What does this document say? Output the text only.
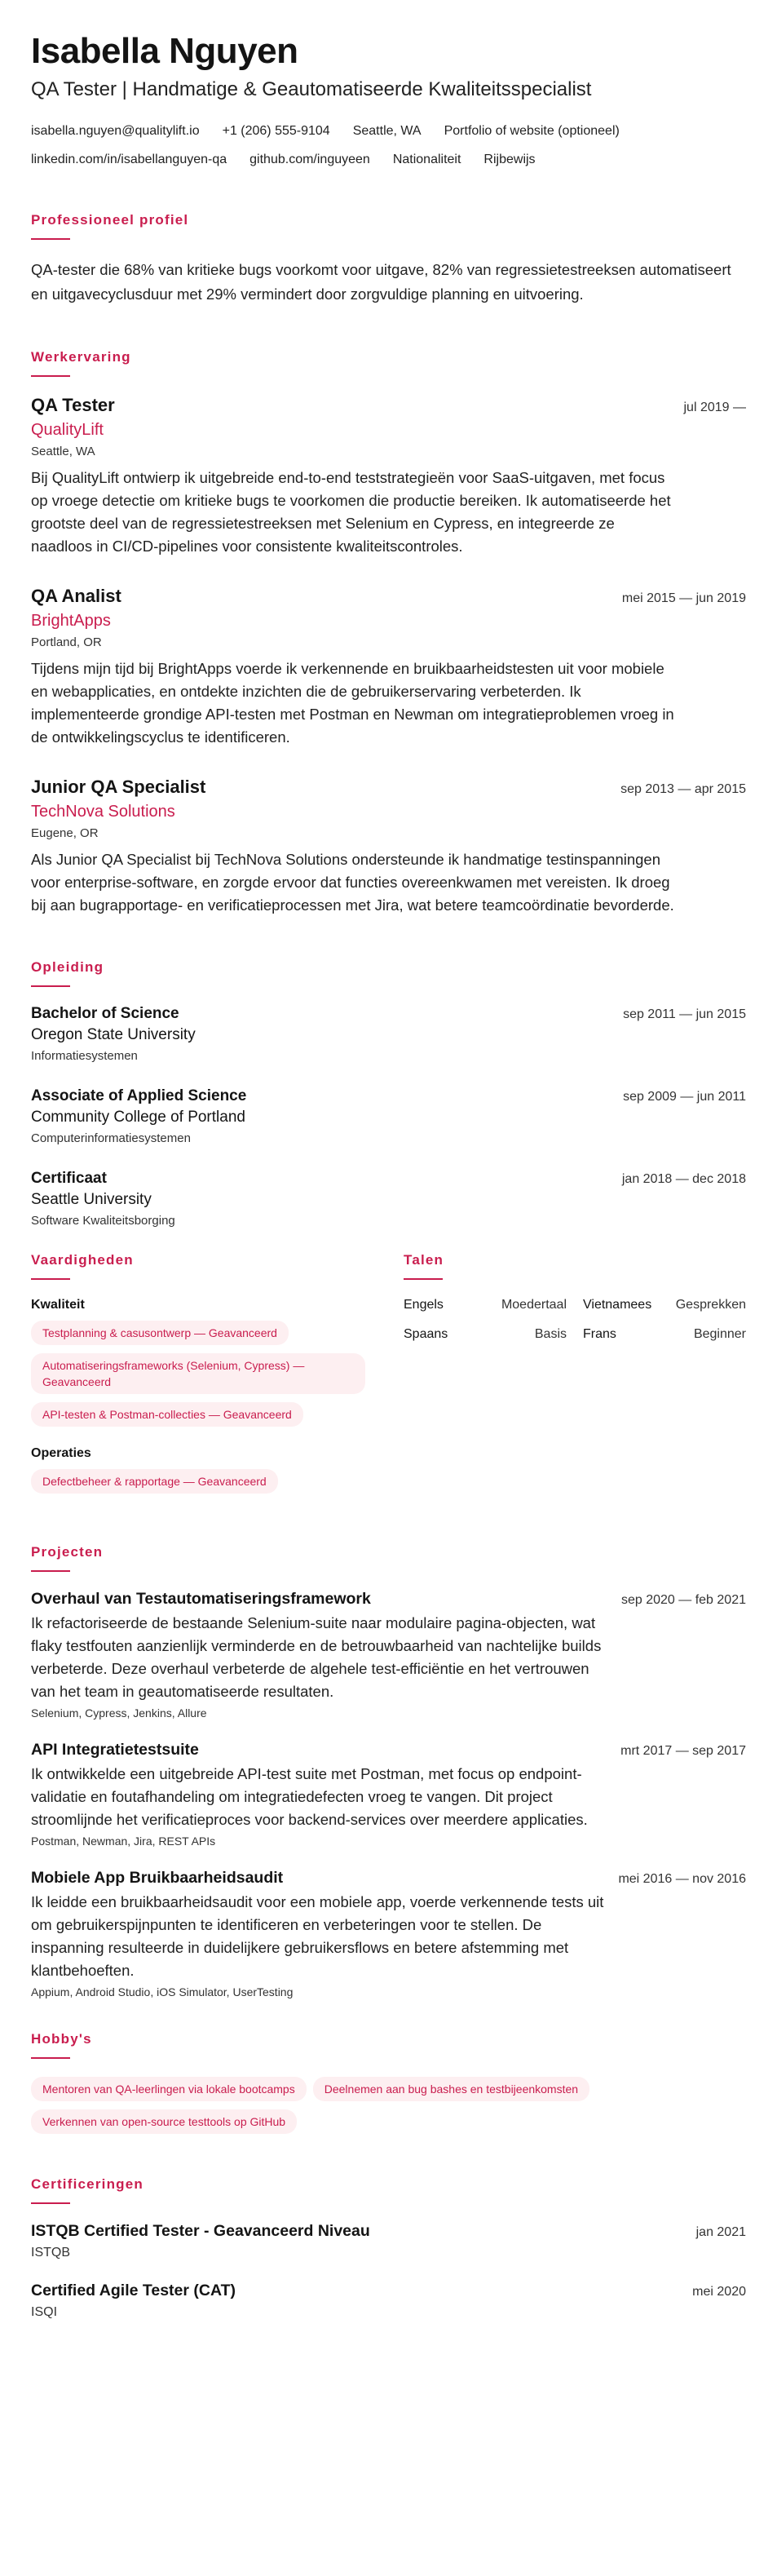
Isabella Nguyen
QA Tester | Handmatige & Geautomatiseerde Kwaliteitsspecialist
isabella.nguyen@qualitylift.io +1 (206) 555-9104 Seattle, WA Portfolio of website (optioneel)
linkedin.com/in/isabellanguyen-qa github.com/inguyeen Nationaliteit Rijbewijs
Professioneel profiel

QA-tester die 68% van kritieke bugs voorkomt voor uitgave, 82% van regressietestreeksen automatiseert en uitgavecyclusduur met 29% vermindert door zorgvuldige planning en uitvoering.

Werkervaring
QA Tester	jul 2019 —
QualityLift
Seattle, WA
Bij QualityLift ontwierp ik uitgebreide end-to-end teststrategieën voor SaaS-uitgaven, met focus op vroege detectie om kritieke bugs te voorkomen die productie bereiken. Ik automatiseerde het grootste deel van de regressietestreeksen met Selenium en Cypress, en integreerde ze naadloos in CI/CD-pipelines voor consistente kwaliteitscontroles.
QA Analist	mei 2015 — jun 2019
BrightApps
Portland, OR
Tijdens mijn tijd bij BrightApps voerde ik verkennende en bruikbaarheidstesten uit voor mobiele en webapplicaties, en ontdekte inzichten die de gebruikerservaring verbeterden. Ik implementeerde grondige API-testen met Postman en Newman om integratieproblemen vroeg in de ontwikkelingscyclus te identificeren.
Junior QA Specialist	sep 2013 — apr 2015
TechNova Solutions
Eugene, OR
Als Junior QA Specialist bij TechNova Solutions ondersteunde ik handmatige testinspanningen voor enterprise-software, en zorgde ervoor dat functies overeenkwamen met vereisten. Ik droeg bij aan bugrapportage- en verificatieprocessen met Jira, wat betere teamcoördinatie bevorderde.
Opleiding
Bachelor of Science	sep 2011 — jun 2015
Oregon State University
Informatiesystemen
Associate of Applied Science	sep 2009 — jun 2011
Community College of Portland
Computerinformatiesystemen
Certificaat	jan 2018 — dec 2018
Seattle University
Software Kwaliteitsborging
Vaardigheden
Kwaliteit
Testplanning & casusontwerp — Geavanceerd
Automatiseringsframeworks (Selenium, Cypress) — Geavanceerd
API-testen & Postman-collecties — Geavanceerd
Operaties
Defectbeheer & rapportage — Geavanceerd
Talen
Engels	Moedertaal Vietnamees Gesprekken
Spaans	Basis Frans	Beginner
Projecten
Overhaul van Testautomatiseringsframework	sep 2020 — feb 2021
Ik refactoriseerde de bestaande Selenium-suite naar modulaire pagina-objecten, wat flaky testfouten aanzienlijk verminderde en de betrouwbaarheid van nachtelijke builds verbeterde. Deze overhaul verbeterde de algehele test-efficiëntie en het vertrouwen van het team in geautomatiseerde resultaten.
Selenium, Cypress, Jenkins, Allure
API Integratietestsuite	mrt 2017 — sep 2017
Ik ontwikkelde een uitgebreide API-test suite met Postman, met focus op endpoint-validatie en foutafhandeling om integratiedefecten vroeg te vangen. Dit project stroomlijnde het verificatieproces voor backend-services over meerdere applicaties.
Postman, Newman, Jira, REST APIs
Mobiele App Bruikbaarheidsaudit	mei 2016 — nov 2016
Ik leidde een bruikbaarheidsaudit voor een mobiele app, voerde verkennende tests uit om gebruikerspijnpunten te identificeren en verbeteringen voor te stellen. De inspanning resulteerde in duidelijkere gebruikersflows en betere afstemming met klantbehoeften.
Appium, Android Studio, iOS Simulator, UserTesting
Hobby's
Mentoren van QA-leerlingen via lokale bootcamps	Deelnemen aan bug bashes en testbijeenkomsten
Verkennen van open-source testtools op GitHub
Certificeringen
ISTQB Certified Tester - Geavanceerd Niveau	jan 2021
ISTQB
Certified Agile Tester (CAT)	mei 2020
ISQI
